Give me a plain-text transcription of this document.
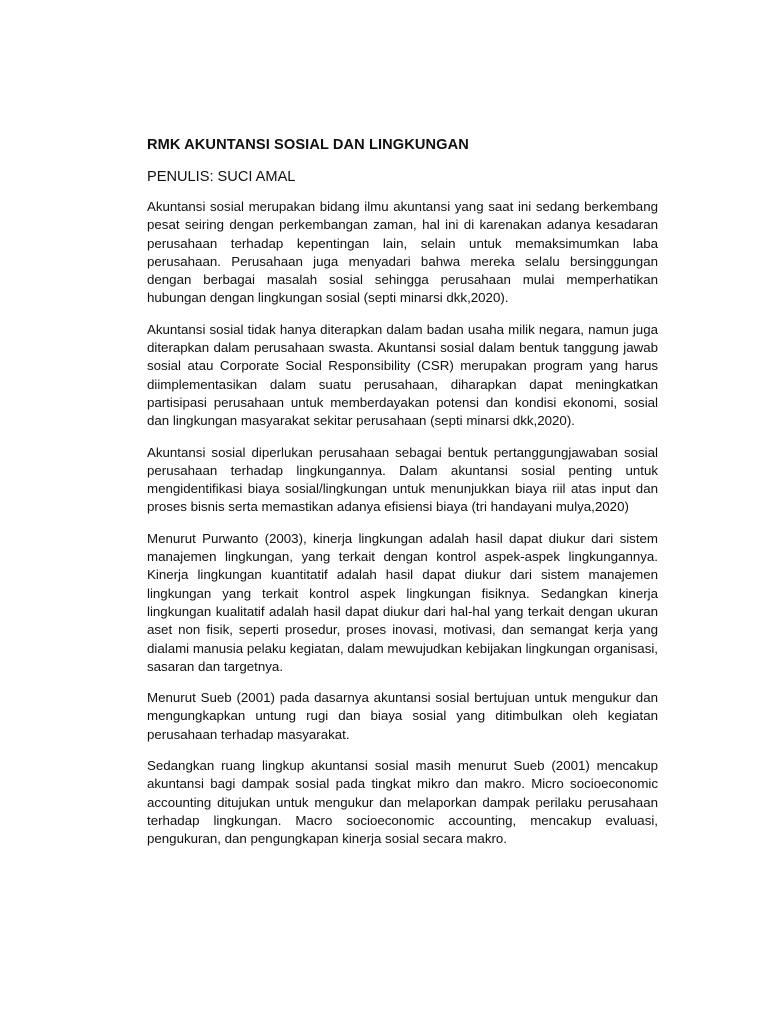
RMK AKUNTANSI SOSIAL DAN LINGKUNGAN
PENULIS: SUCI AMAL

Akuntansi sosial merupakan bidang ilmu akuntansi yang saat ini sedang berkembang pesat seiring dengan perkembangan zaman, hal ini di karenakan adanya kesadaran perusahaan terhadap kepentingan lain, selain untuk memaksimumkan laba perusahaan. Perusahaan juga menyadari bahwa mereka selalu bersinggungan dengan berbagai masalah sosial sehingga perusahaan mulai memperhatikan hubungan dengan lingkungan sosial (septi minarsi dkk,2020).

Akuntansi sosial tidak hanya diterapkan dalam badan usaha milik negara, namun juga diterapkan dalam perusahaan swasta. Akuntansi sosial dalam bentuk tanggung jawab sosial atau Corporate Social Responsibility (CSR) merupakan program yang harus diimplementasikan dalam suatu perusahaan, diharapkan dapat meningkatkan partisipasi perusahaan untuk memberdayakan potensi dan kondisi ekonomi, sosial dan lingkungan masyarakat sekitar perusahaan (septi minarsi dkk,2020).

Akuntansi sosial diperlukan perusahaan sebagai bentuk pertanggungjawaban sosial perusahaan terhadap lingkungannya. Dalam akuntansi sosial penting untuk mengidentifikasi biaya sosial/lingkungan untuk menunjukkan biaya riil atas input dan proses bisnis serta memastikan adanya efisiensi biaya (tri handayani mulya,2020)

Menurut Purwanto (2003), kinerja lingkungan adalah hasil dapat diukur dari sistem manajemen lingkungan, yang terkait dengan kontrol aspek-aspek lingkungannya. Kinerja lingkungan kuantitatif adalah hasil dapat diukur dari sistem manajemen lingkungan yang terkait kontrol aspek lingkungan fisiknya. Sedangkan kinerja lingkungan kualitatif adalah hasil dapat diukur dari hal-hal yang terkait dengan ukuran aset non fisik, seperti prosedur, proses inovasi, motivasi, dan semangat kerja yang dialami manusia pelaku kegiatan, dalam mewujudkan kebijakan lingkungan organisasi, sasaran dan targetnya.

Menurut Sueb (2001) pada dasarnya akuntansi sosial bertujuan untuk mengukur dan mengungkapkan untung rugi dan biaya sosial yang ditimbulkan oleh kegiatan perusahaan terhadap masyarakat.

Sedangkan ruang lingkup akuntansi sosial masih menurut Sueb (2001) mencakup akuntansi bagi dampak sosial pada tingkat mikro dan makro. Micro socioeconomic accounting ditujukan untuk mengukur dan melaporkan dampak perilaku perusahaan terhadap lingkungan. Macro socioeconomic accounting, mencakup evaluasi, pengukuran, dan pengungkapan kinerja sosial secara makro.
